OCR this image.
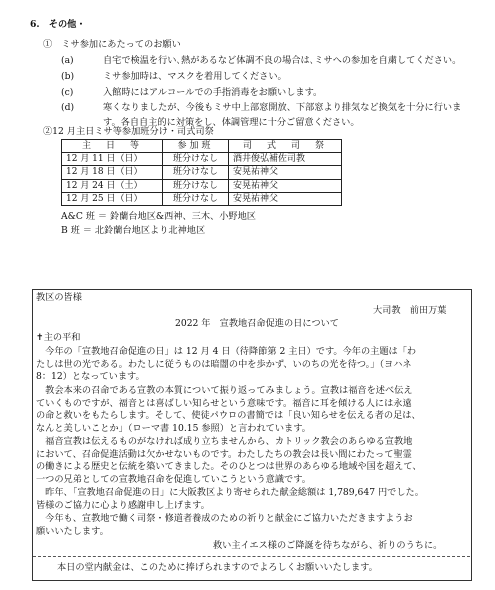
6.　その他・
①　ミサ参加にあたってのお願い
(a)	自宅で検温を行い､熱があるなど体調不良の場合は､ミサへの参加を自粛してください｡
(b)	ミサ参加時は、マスクを着用してください。
(c)	入館時にはアルコールでの手指消毒をお願いします。
(d)	寒くなりましたが、今後もミサ中上部窓開放、下部窓より排気など換気を十分に行いま
す。各自自主的に対策をし、体調管理に十分ご留意ください。
②12 月主日ミサ等参加班分け・司式司祭
主　日　等	参加班	司　式　司　祭
12 月 11 日（日）	班分けなし	酒井俊弘補佐司教
12 月 18 日（日）	班分けなし	安晃祐神父
12 月 24 日（土）	班分けなし	安晃祐神父
12 月 25 日（日）	班分けなし	安晃祐神父
A&C 班 ＝ 鈴蘭台地区&西神、三木、小野地区
B 班 ＝ 北鈴蘭台地区より北神地区
教区の皆様
大司教　前田万葉
2022 年　宣教地召命促進の日について
✝主の平和
　今年の「宣教地召命促進の日」は 12 月 4 日（待降節第 2 主日）です。今年の主題は「わ
たしは世の光である。わたしに従うものは暗闇の中を歩かず、いのちの光を待つ。」（ヨハネ
8：12）となっています。
　教会本来の召命である宣教の本質について振り返ってみましょう。宣教は福音を述べ伝え
ていくものですが、福音とは喜ばしい知らせという意味です。福音に耳を傾ける人には永遠
の命と救いをもたらします。そして、使徒パウロの書簡では「良い知らせを伝える者の足は、
なんと美しいことか」（ローマ書 10.15 参照）と言われています。
　福音宣教は伝えるものがなければ成り立ちませんから、カトリック教会のあらゆる宣教地
において、召命促進活動は欠かせないものです。わたしたちの教会は長い間にわたって聖霊
の働きによる歴史と伝統を築いてきました。そのひとつは世界のあらゆる地域や国を超えて、
一つの兄弟としての宣教地召命を促進していこうという意識です。
　昨年、「宣教地召命促進の日」に大阪教区より寄せられた献金総額は 1,789,647 円でした。
皆様のご協力に心より感謝申し上げます。
　今年も、宣教地で働く司祭・修道者養成のための祈りと献金にご協力いただきますようお
願いいたします。
救い主イエス様のご降誕を待ちながら、祈りのうちに。
本日の堂内献金は、このために捧げられますのでよろしくお願いいたします。
